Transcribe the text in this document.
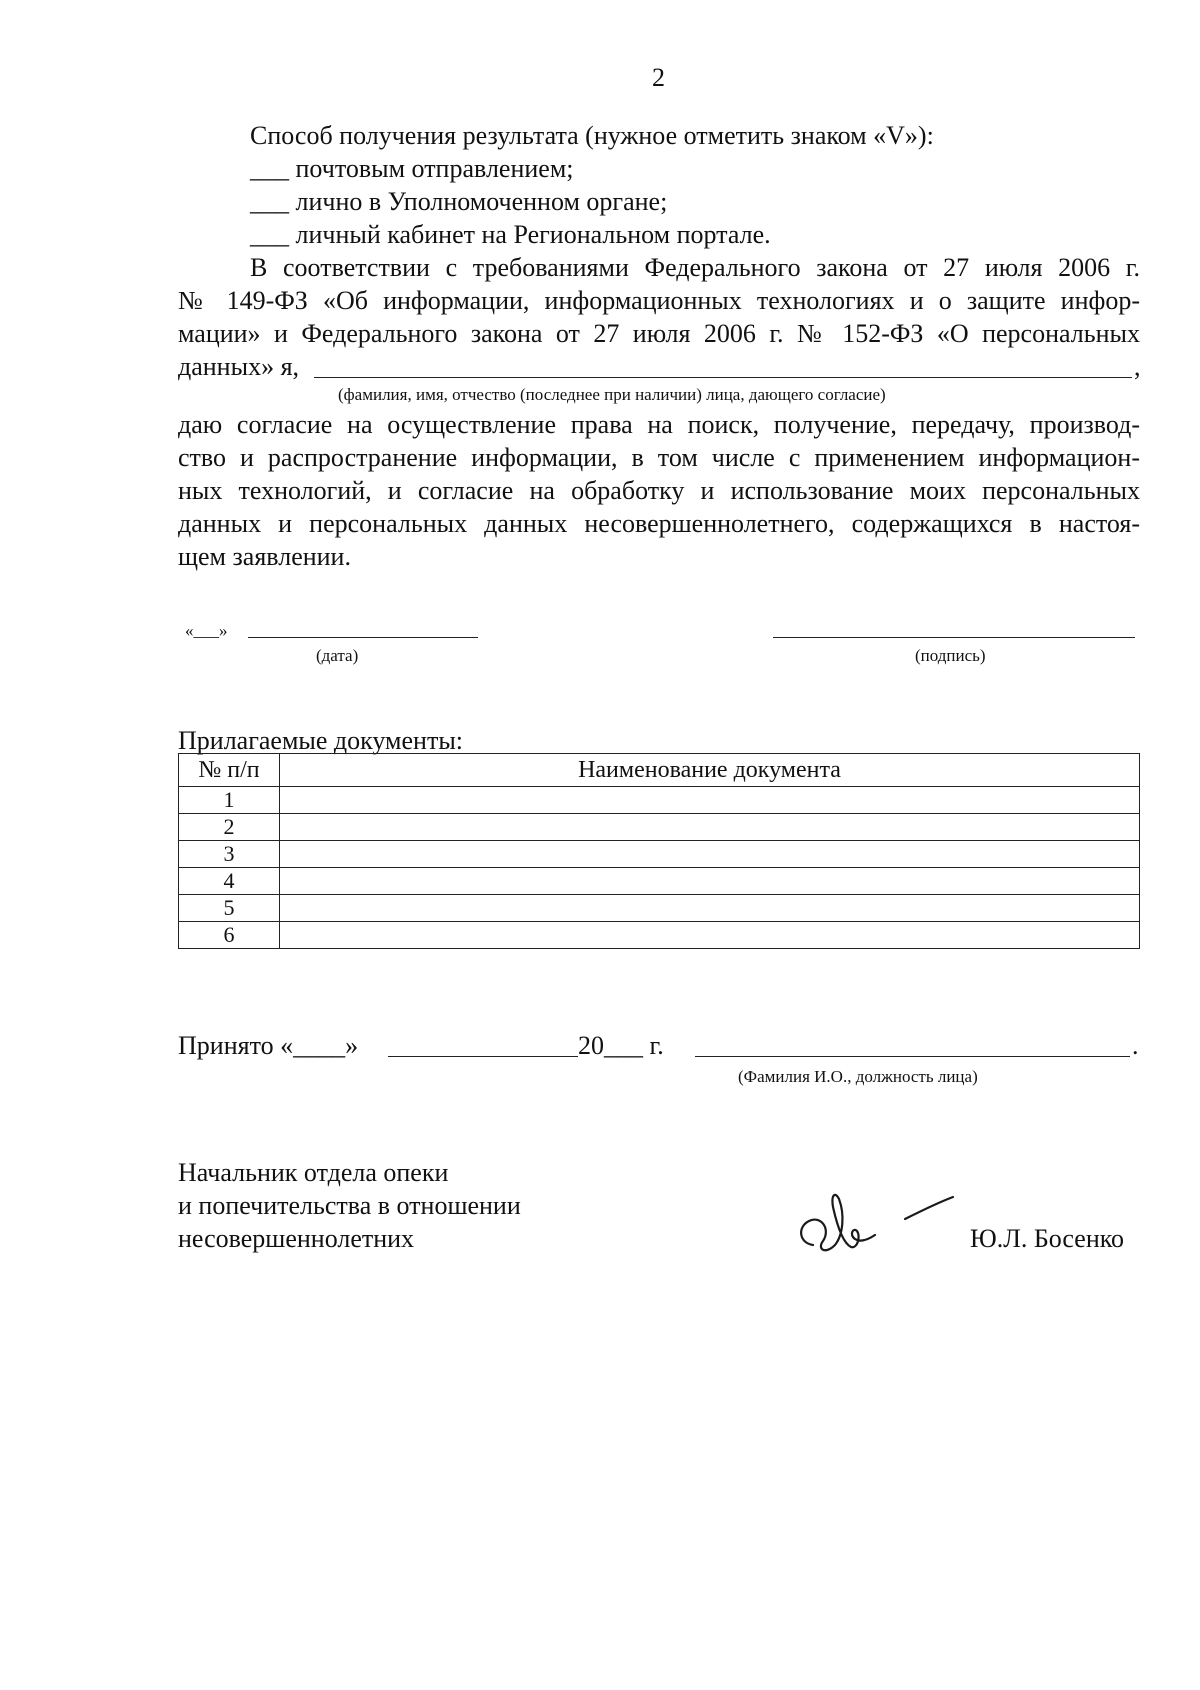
2
Способ получения результата (нужное отметить знаком «V»):
___ почтовым отправлением;
___ лично в Уполномоченном органе;
___ личный кабинет на Региональном портале.
В соответствии с требованиями Федерального закона от 27 июля 2006 г.
№ 149-ФЗ «Об информации, информационных технологиях и о защите инфор-
мации» и Федерального закона от 27 июля 2006 г. № 152-ФЗ «О персональных
данных» я,	,
(фамилия, имя, отчество (последнее при наличии) лица, дающего согласие)
даю согласие на осуществление права на поиск, получение, передачу, производ-
ство и распространение информации, в том числе с применением информацион-
ных технологий, и согласие на обработку и использование моих персональных
данных и персональных данных несовершеннолетнего, содержащихся в настоя-
щем заявлении.
«___»
(дата)	(подпись)
Прилагаемые документы:
№ п/п	Наименование документа
1	
2	
3	
4	
5	
6	
Принято «____»	20___ г.	.
(Фамилия И.О., должность лица)
Начальник отдела опеки
и попечительства в отношении
несовершеннолетних	Ю.Л. Босенко
